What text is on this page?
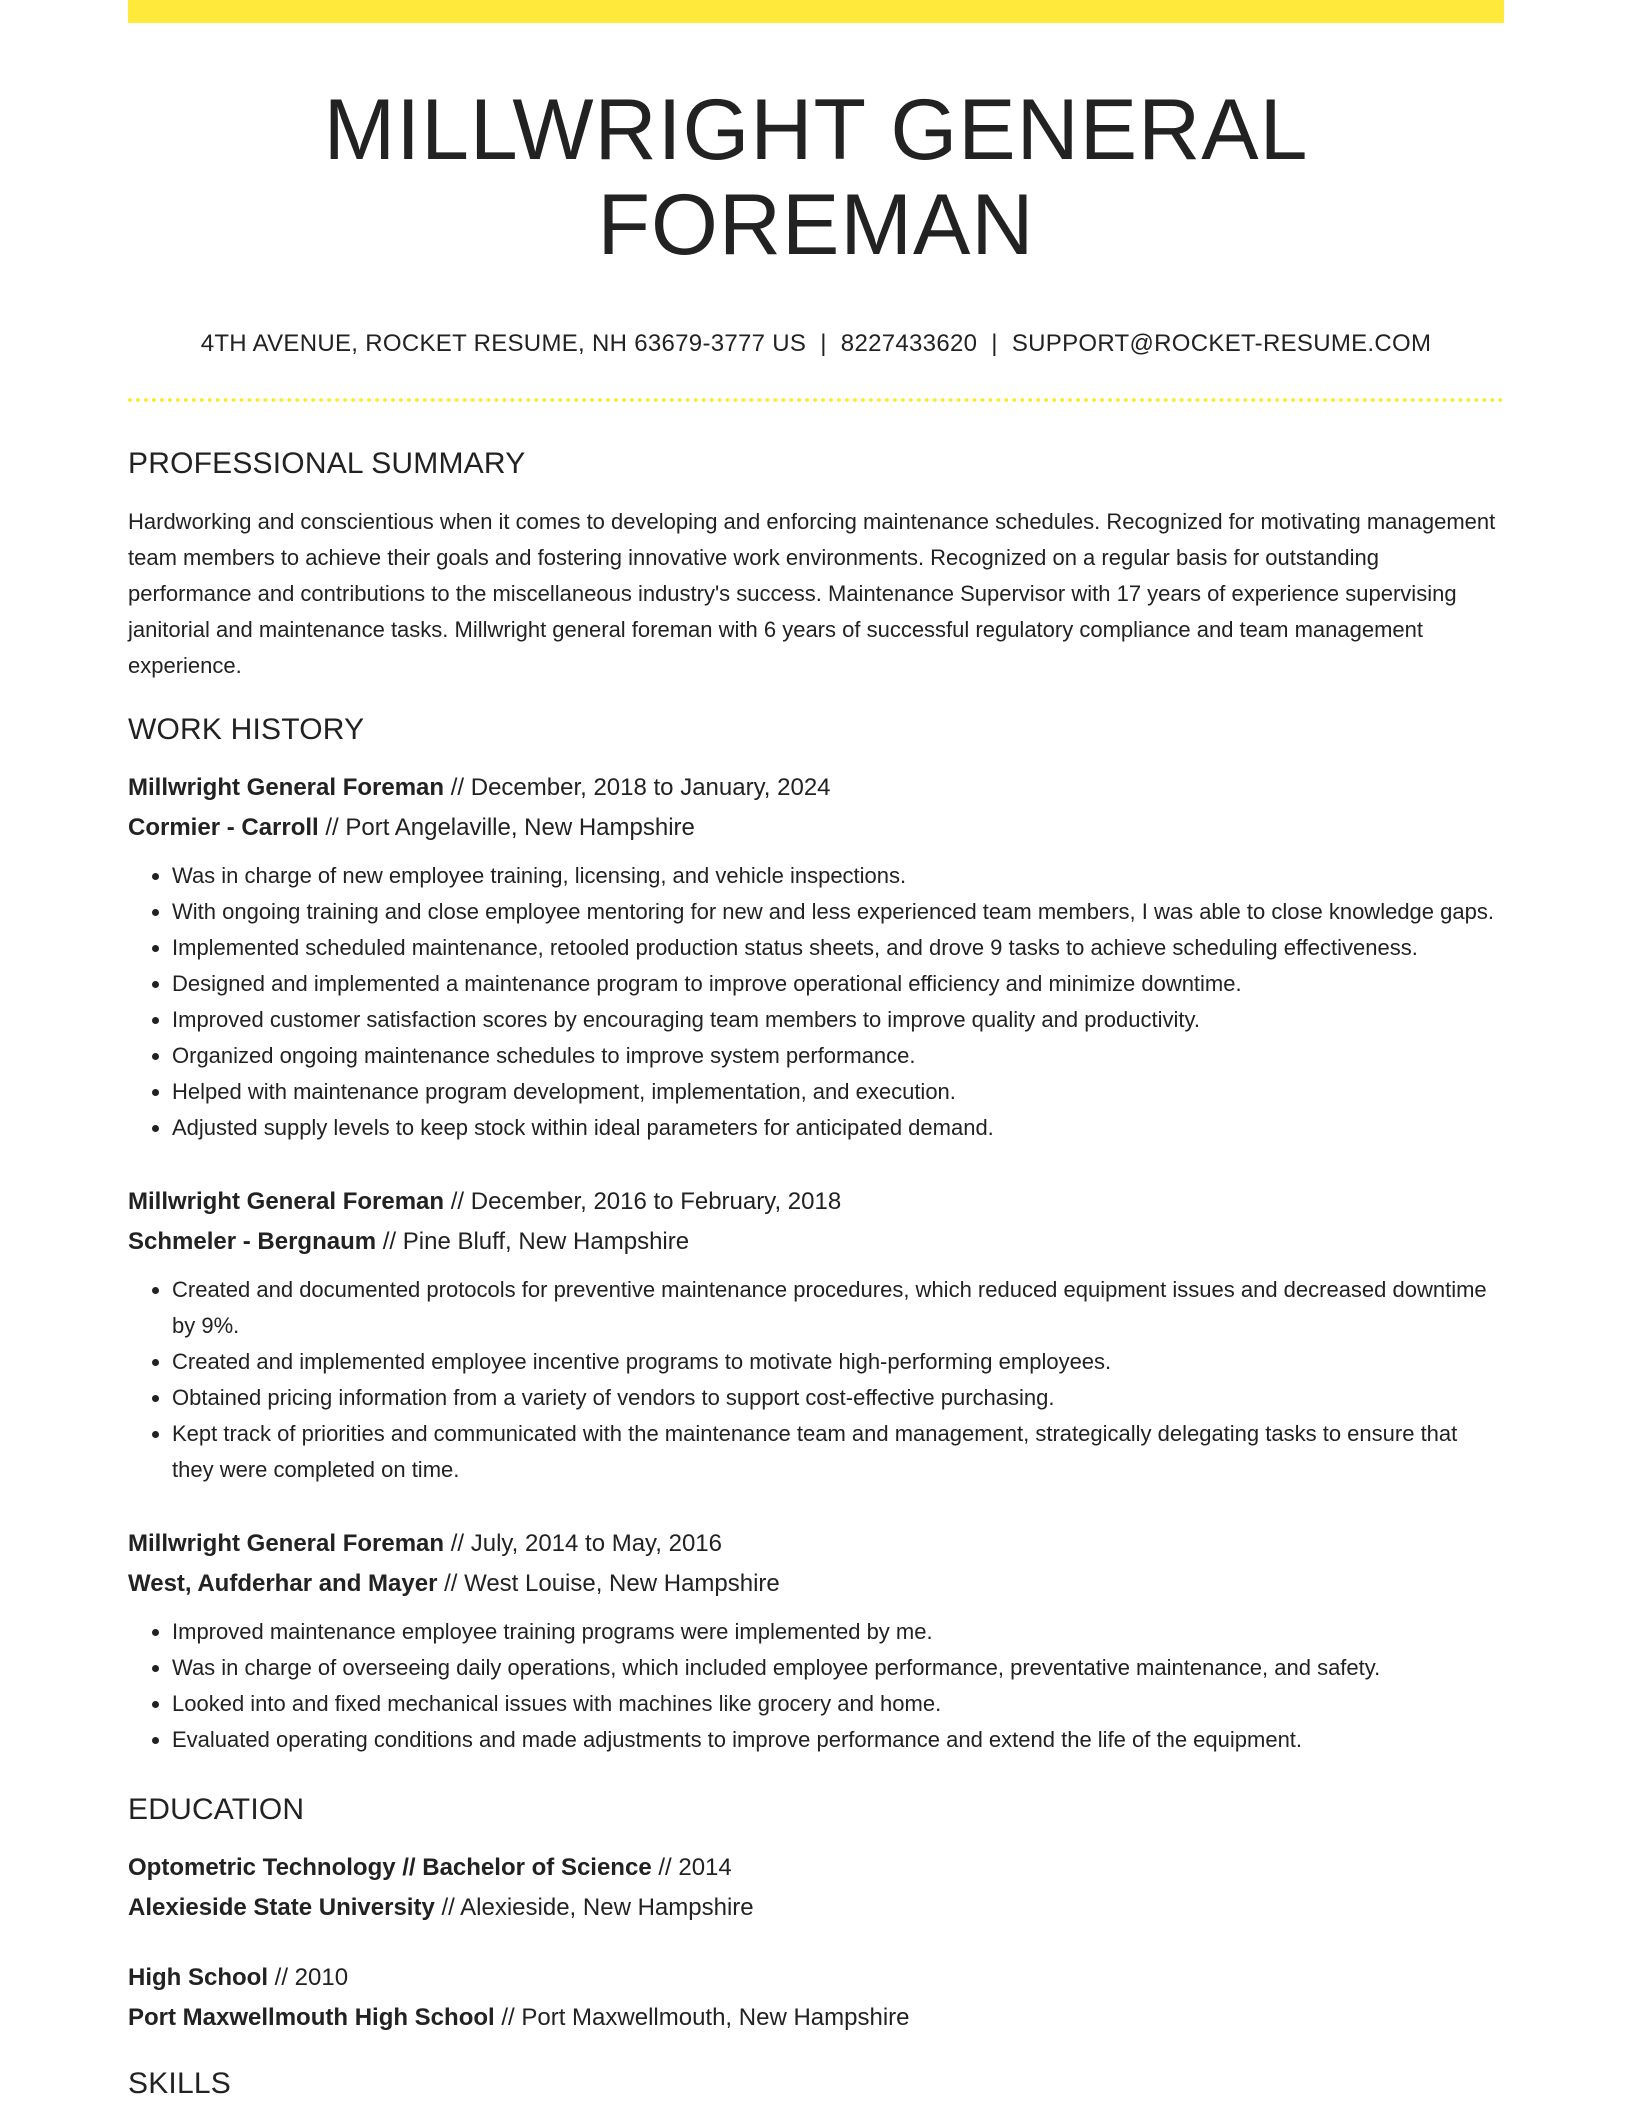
MILLWRIGHT GENERAL FOREMAN
4TH AVENUE, ROCKET RESUME, NH 63679-3777 US | 8227433620 | SUPPORT@ROCKET-RESUME.COM
PROFESSIONAL SUMMARY

Hardworking and conscientious when it comes to developing and enforcing maintenance schedules. Recognized for motivating management team members to achieve their goals and fostering innovative work environments. Recognized on a regular basis for outstanding performance and contributions to the miscellaneous industry's success. Maintenance Supervisor with 17 years of experience supervising janitorial and maintenance tasks. Millwright general foreman with 6 years of successful regulatory compliance and team management experience.

WORK HISTORY
Millwright General Foreman // December, 2018 to January, 2024
Cormier - Carroll // Port Angelaville, New Hampshire
• Was in charge of new employee training, licensing, and vehicle inspections.
• With ongoing training and close employee mentoring for new and less experienced team members, I was able to close knowledge gaps.
• Implemented scheduled maintenance, retooled production status sheets, and drove 9 tasks to achieve scheduling effectiveness.
• Designed and implemented a maintenance program to improve operational efficiency and minimize downtime.
• Improved customer satisfaction scores by encouraging team members to improve quality and productivity.
• Organized ongoing maintenance schedules to improve system performance.
• Helped with maintenance program development, implementation, and execution.
• Adjusted supply levels to keep stock within ideal parameters for anticipated demand.
Millwright General Foreman // December, 2016 to February, 2018
Schmeler - Bergnaum // Pine Bluff, New Hampshire
• Created and documented protocols for preventive maintenance procedures, which reduced equipment issues and decreased downtime by 9%.
• Created and implemented employee incentive programs to motivate high-performing employees.
• Obtained pricing information from a variety of vendors to support cost-effective purchasing.
• Kept track of priorities and communicated with the maintenance team and management, strategically delegating tasks to ensure that they were completed on time.
Millwright General Foreman // July, 2014 to May, 2016
West, Aufderhar and Mayer // West Louise, New Hampshire
• Improved maintenance employee training programs were implemented by me.
• Was in charge of overseeing daily operations, which included employee performance, preventative maintenance, and safety.
• Looked into and fixed mechanical issues with machines like grocery and home.
• Evaluated operating conditions and made adjustments to improve performance and extend the life of the equipment.
EDUCATION
Optometric Technology // Bachelor of Science // 2014
Alexieside State University // Alexieside, New Hampshire
High School // 2010
Port Maxwellmouth High School // Port Maxwellmouth, New Hampshire
SKILLS
